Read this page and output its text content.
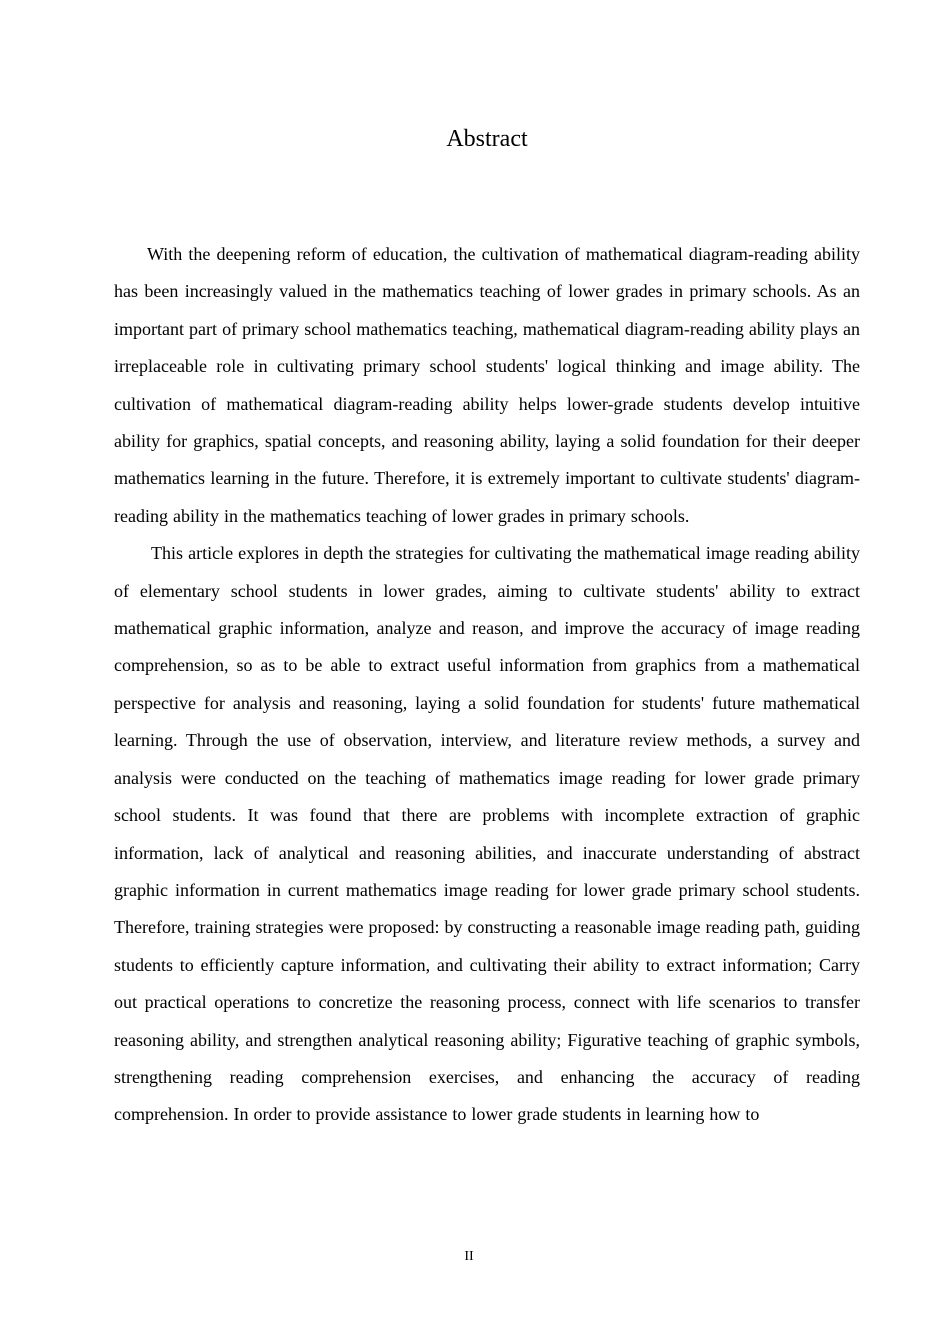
Abstract

With the deepening reform of education, the cultivation of mathematical diagram-reading ability has been increasingly valued in the mathematics teaching of lower grades in primary schools. As an important part of primary school mathematics teaching, mathematical diagram-reading ability plays an irreplaceable role in cultivating primary school students' logical thinking and image ability. The cultivation of mathematical diagram-reading ability helps lower-grade students develop intuitive ability for graphics, spatial concepts, and reasoning ability, laying a solid foundation for their deeper mathematics learning in the future. Therefore, it is extremely important to cultivate students' diagram-reading ability in the mathematics teaching of lower grades in primary schools.

This article explores in depth the strategies for cultivating the mathematical image reading ability of elementary school students in lower grades, aiming to cultivate students' ability to extract mathematical graphic information, analyze and reason, and improve the accuracy of image reading comprehension, so as to be able to extract useful information from graphics from a mathematical perspective for analysis and reasoning, laying a solid foundation for students' future mathematical learning. Through the use of observation, interview, and literature review methods, a survey and analysis were conducted on the teaching of mathematics image reading for lower grade primary school students. It was found that there are problems with incomplete extraction of graphic information, lack of analytical and reasoning abilities, and inaccurate understanding of abstract graphic information in current mathematics image reading for lower grade primary school students. Therefore, training strategies were proposed: by constructing a reasonable image reading path, guiding students to efficiently capture information, and cultivating their ability to extract information; Carry out practical operations to concretize the reasoning process, connect with life scenarios to transfer reasoning ability, and strengthen analytical reasoning ability; Figurative teaching of graphic symbols, strengthening reading comprehension exercises, and enhancing the accuracy of reading comprehension. In order to provide assistance to lower grade students in learning how to

II
